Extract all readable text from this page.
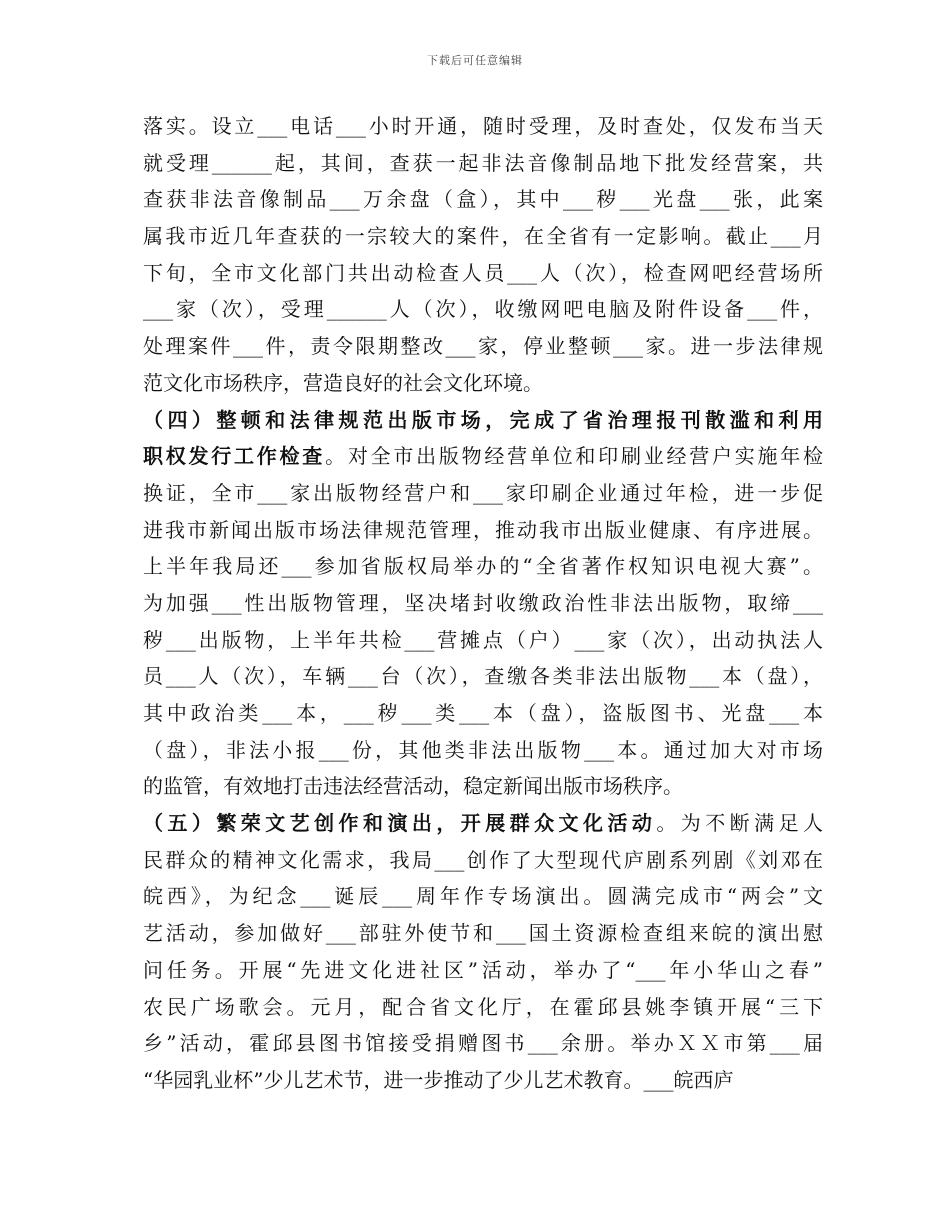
下载后可任意编辑
落实。设立___电话___小时开通，随时受理，及时查处，仅发布当天
就受理______起，其间，查获一起非法音像制品地下批发经营案，共
查获非法音像制品___万余盘（盒），其中___秽___光盘___张，此案
属我市近几年查获的一宗较大的案件，在全省有一定影响。截止___月
下旬，全市文化部门共出动检查人员___人（次），检查网吧经营场所
___家（次），受理______人（次），收缴网吧电脑及附件设备___件，
处理案件___件，责令限期整改___家，停业整顿___家。进一步法律规
范文化市场秩序，营造良好的社会文化环境。
（四）整顿和法律规范出版市场，完成了省治理报刊散滥和利用
职权发行工作检查。对全市出版物经营单位和印刷业经营户实施年检
换证，全市___家出版物经营户和___家印刷企业通过年检，进一步促
进我市新闻出版市场法律规范管理，推动我市出版业健康、有序进展。
上半年我局还___参加省版权局举办的“全省著作权知识电视大赛”。
为加强___性出版物管理，坚决堵封收缴政治性非法出版物，取缔___
秽___出版物，上半年共检___营摊点（户）___家（次），出动执法人
员___人（次），车辆___台（次），查缴各类非法出版物___本（盘），
其中政治类___本，___秽___类___本（盘），盗版图书、光盘___本
（盘），非法小报___份，其他类非法出版物___本。通过加大对市场
的监管，有效地打击违法经营活动，稳定新闻出版市场秩序。
（五）繁荣文艺创作和演出，开展群众文化活动。为不断满足人
民群众的精神文化需求，我局___创作了大型现代庐剧系列剧《刘邓在
皖西》，为纪念___诞辰___周年作专场演出。圆满完成市“两会”文
艺活动，参加做好___部驻外使节和___国土资源检查组来皖的演出慰
问任务。开展“先进文化进社区”活动，举办了“___年小华山之春”
农民广场歌会。元月，配合省文化厅，在霍邱县姚李镇开展“三下
乡”活动，霍邱县图书馆接受捐赠图书___余册。举办ＸＸ市第___届
“华园乳业杯”少儿艺术节，进一步推动了少儿艺术教育。___皖西庐
